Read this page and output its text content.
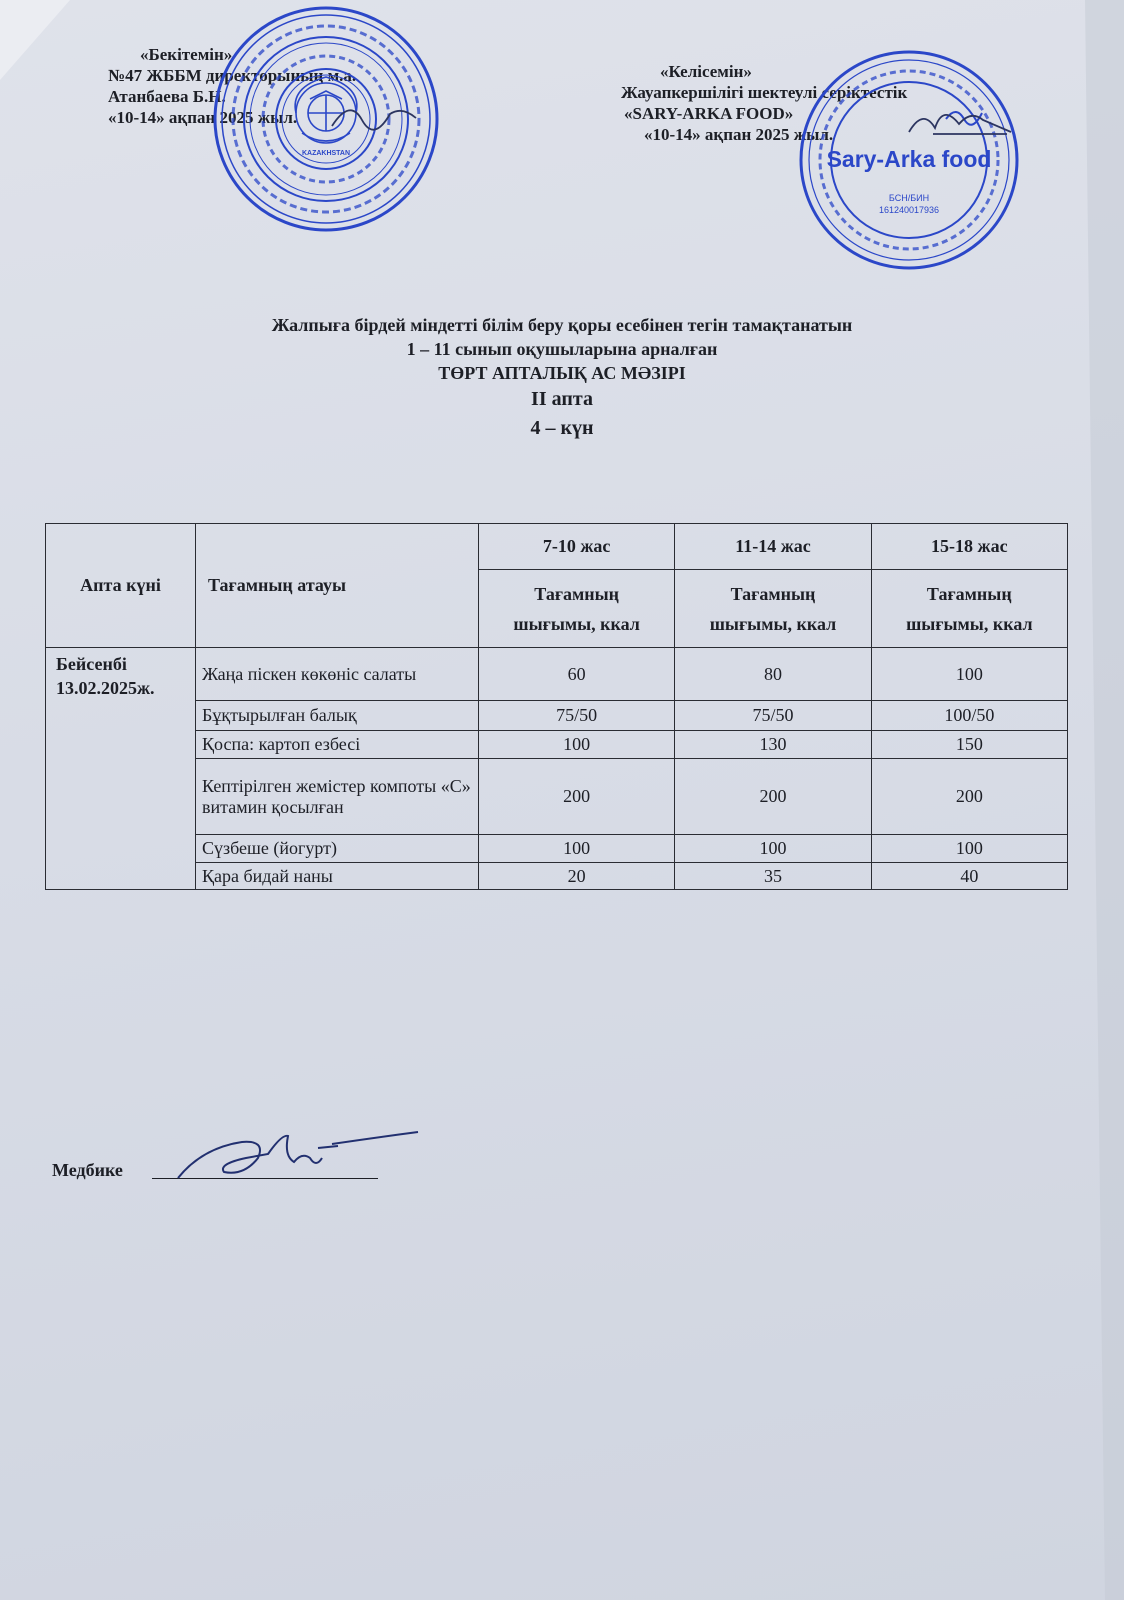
«Бекітемін»
№47 ЖББМ директорының м.а.
Атанбаева Б.Н.
«10-14» ақпан 2025 жыл.
«Келісемін»
Жауапкершілігі шектеулі серіктестік
«SARY-ARKA FOOD»
«10-14» ақпан 2025 жыл.
KAZAKHSTAN	Sary-Arka food
БСН/БИН
161240017936
Жалпыға бірдей міндетті білім беру қоры есебінен тегін тамақтанатын
1 – 11 сынып оқушыларына арналған
ТӨРТ АПТАЛЫҚ АС МӘЗІРІ
II апта
4 – күн
Апта күні	Тағамның атауы	7-10 жас	11-14 жас	15-18 жас
		Тағамның
шығымы, ккал	Тағамның
шығымы, ккал	Тағамның
шығымы, ккал
Бейсенбі
13.02.2025ж.	Жаңа піскен көкөніс салаты	60	80	100
	Бұқтырылған балық	75/50	75/50	100/50
	Қоспа: картоп езбесі	100	130	150
	Кептірілген жемістер компоты «С» витамин қосылған	200	200	200
	Сүзбеше (йогурт)	100	100	100
	Қара бидай наны	20	35	40
Медбике
